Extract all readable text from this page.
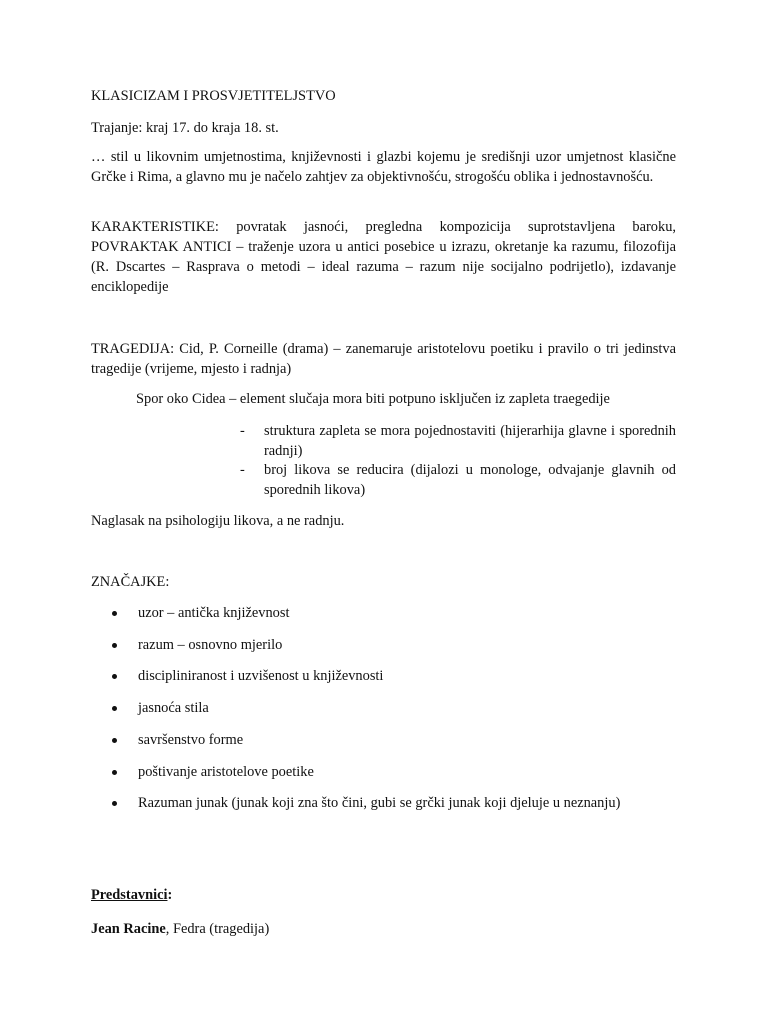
KLASICIZAM I PROSVJETITELJSTVO

Trajanje: kraj 17. do kraja 18. st.

… stil u likovnim umjetnostima, književnosti i glazbi kojemu je središnji uzor umjetnost klasične Grčke i Rima, a glavno mu je načelo zahtjev za objektivnošću, strogošću oblika i jednostavnošću.

KARAKTERISTIKE: povratak jasnoći, pregledna kompozicija suprotstavljena baroku, POVRAKTAK ANTICI – traženje uzora u antici posebice u izrazu, okretanje ka razumu, filozofija (R. Dscartes – Rasprava o metodi – ideal razuma – razum nije socijalno podrijetlo), izdavanje enciklopedije

TRAGEDIJA: Cid, P. Corneille (drama) – zanemaruje aristotelovu poetiku i pravilo o tri jedinstva tragedije (vrijeme, mjesto i radnja)

Spor oko Cidea – element slučaja mora biti potpuno isključen iz zapleta traegedije

- struktura zapleta se mora pojednostaviti (hijerarhija glavne i sporednih radnji)
- broj likova se reducira (dijalozi u monologe, odvajanje glavnih od sporednih likova)

Naglasak na psihologiju likova, a ne radnju.

ZNAČAJKE:

uzor – antička književnost
razum – osnovno mjerilo
discipliniranost i uzvišenost u književnosti
jasnoća stila
savršenstvo forme
poštivanje aristotelove poetike
Razuman junak (junak koji zna što čini, gubi se grčki junak koji djeluje u neznanju)

Predstavnici:

Jean Racine, Fedra (tragedija)
